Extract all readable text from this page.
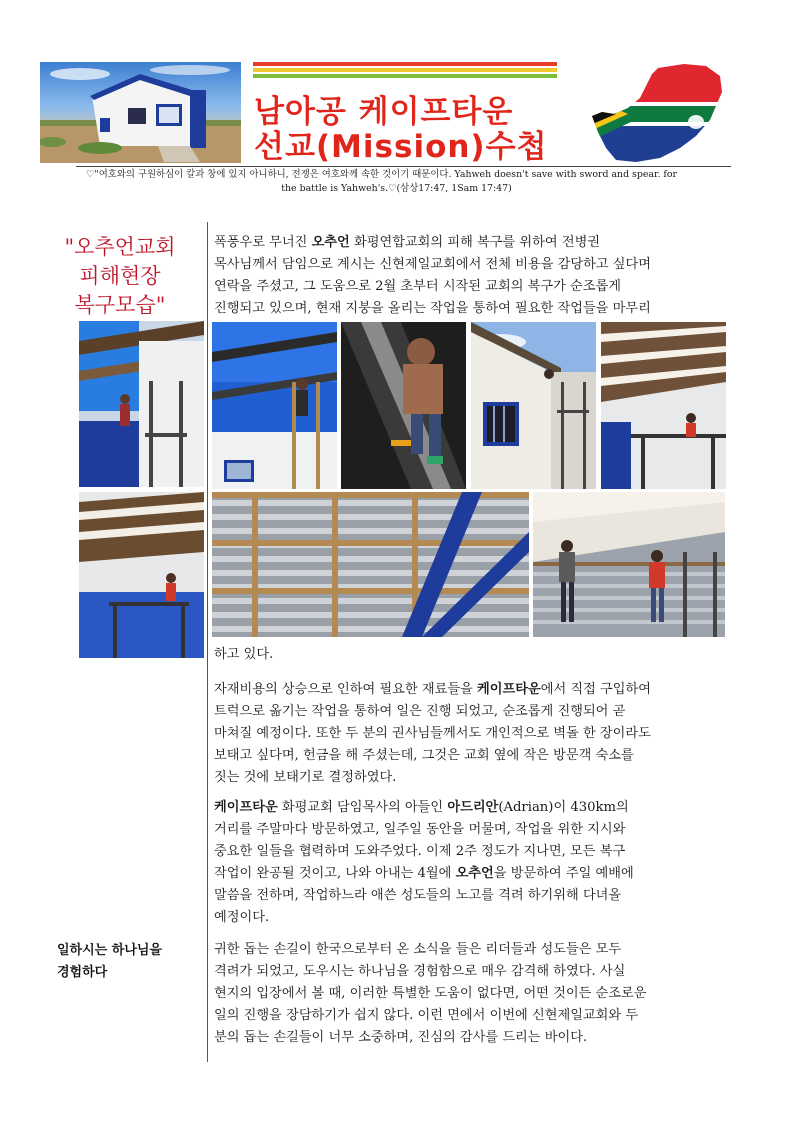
남아공 케이프타운
선교(Mission)수첩
♡"여호와의 구원하심이 칼과 창에 있지 아니하니, 전쟁은 여호와께 속한 것이기 때문이다. Yahweh doesn't save with sword and spear. for
the battle is Yahweh's.♡(삼상17:47, 1Sam 17:47)
"오추언교회
피해현장
복구모습"
일하시는 하나님을
경험하다
폭풍우로 무너진 오추언 화평연합교회의 피해 복구를 위하여 전병권
목사님께서 담임으로 계시는 신현제일교회에서 전체 비용을 감당하고 싶다며
연락을 주셨고, 그 도움으로 2월 초부터 시작된 교회의 복구가 순조롭게
진행되고 있으며, 현재 지붕을 올리는 작업을 통하여 필요한 작업들을 마무리
하고 있다.
자재비용의 상승으로 인하여 필요한 재료들을 케이프타운에서 직접 구입하여
트럭으로 옮기는 작업을 통하여 일은 진행 되었고, 순조롭게 진행되어 곧
마쳐질 예정이다. 또한 두 분의 권사님들께서도 개인적으로 벽돌 한 장이라도
보태고 싶다며, 헌금을 해 주셨는데, 그것은 교회 옆에 작은 방문객 숙소를
짓는 것에 보태기로 결정하였다.
케이프타운 화평교회 담임목사의 아들인 아드리안(Adrian)이 430km의
거리를 주말마다 방문하였고, 일주일 동안을 머물며, 작업을 위한 지시와
중요한 일들을 협력하며 도와주었다. 이제 2주 정도가 지나면, 모든 복구
작업이 완공될 것이고, 나와 아내는 4월에 오추언을 방문하여 주일 예배에
말씀을 전하며, 작업하느라 애쓴 성도들의 노고를 격려 하기위해 다녀올
예정이다.
귀한 돕는 손길이 한국으로부터 온 소식을 들은 리더들과 성도들은 모두
격려가 되었고, 도우시는 하나님을 경험함으로 매우 감격해 하였다. 사실
현지의 입장에서 볼 때, 이러한 특별한 도움이 없다면, 어떤 것이든 순조로운
일의 진행을 장담하기가 쉽지 않다. 이런 면에서 이번에 신현제일교회와 두
분의 돕는 손길들이 너무 소중하며, 진심의 감사를 드리는 바이다.
